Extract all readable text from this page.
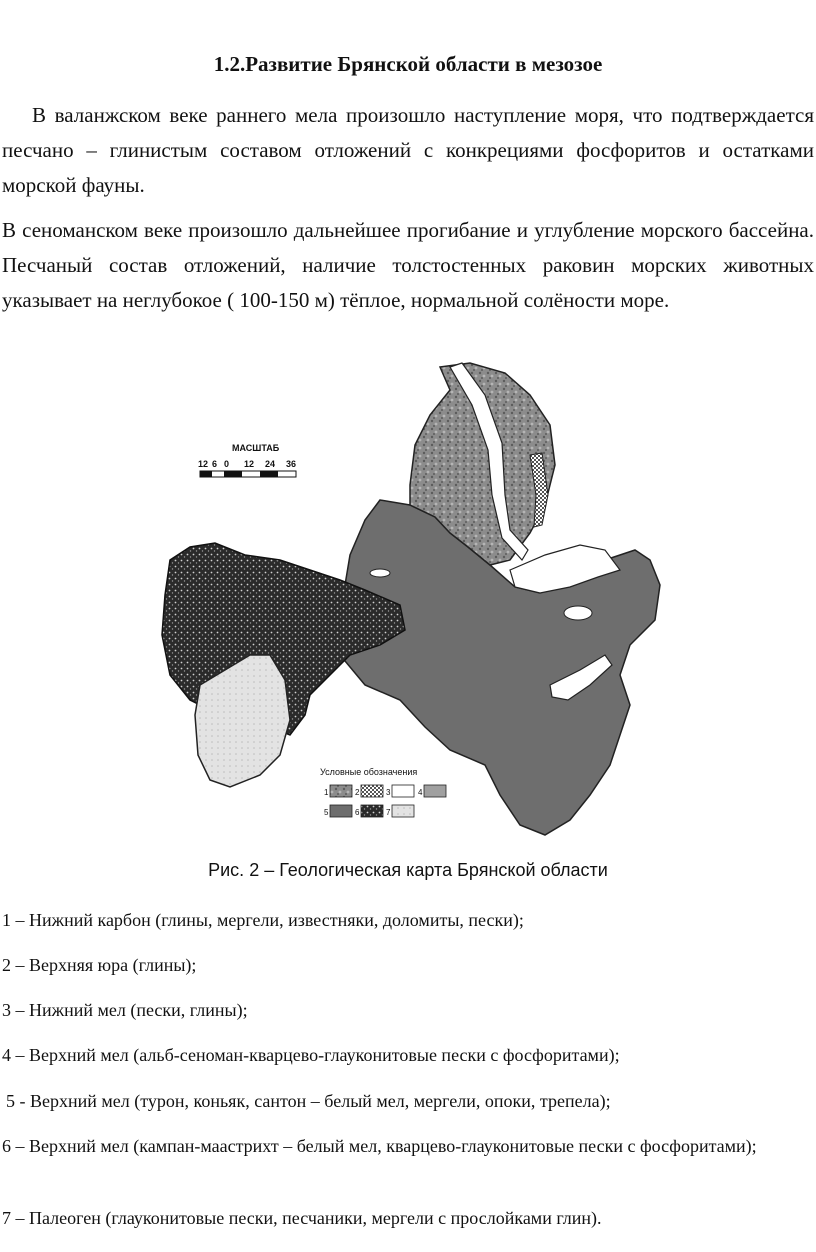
1.2.Развитие Брянской области в мезозое
В валанжском веке раннего мела произошло наступление моря, что подтверждается песчано – глинистым составом отложений с конкрециями фосфоритов и остатками морской фауны.
В сеноманском веке произошло дальнейшее прогибание и углубление морского бассейна. Песчаный состав отложений, наличие толстостенных раковин морских животных указывает на неглубокое ( 100-150 м) тёплое, нормальной солёности море.
МАСШТАБ
12 6 0 12 24 36
Условные обозначения
1	2	3	4
5	6	7
Рис. 2 – Геологическая карта Брянской области
1 – Нижний карбон (глины, мергели, известняки, доломиты, пески);
2 – Верхняя юра (глины);
3 – Нижний мел (пески, глины);
4 – Верхний мел (альб-сеноман-кварцево-глауконитовые пески с фосфоритами);
5 - Верхний мел (турон, коньяк, сантон – белый мел, мергели, опоки, трепела);
6 – Верхний мел (кампан-маастрихт – белый мел, кварцево-глауконитовые пески с фосфоритами);
7 – Палеоген (глауконитовые пески, песчаники, мергели с прослойками глин).
